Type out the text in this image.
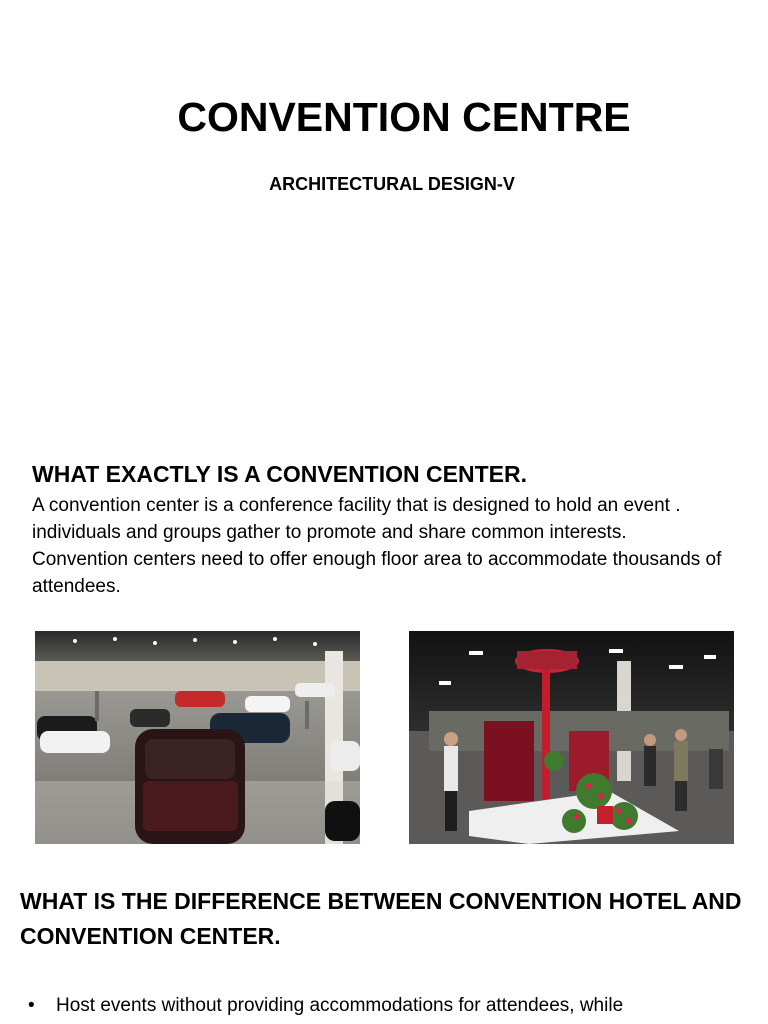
CONVENTION CENTRE
ARCHITECTURAL DESIGN-V
WHAT EXACTLY IS A CONVENTION CENTER.
A convention center is a conference facility that is designed to hold an event . individuals and groups gather to promote and share common interests. Convention centers need to offer enough floor area to accommodate thousands of attendees.
WHAT IS THE DIFFERENCE BETWEEN CONVENTION HOTEL AND CONVENTION CENTER.
• Host events without providing accommodations for attendees, while
